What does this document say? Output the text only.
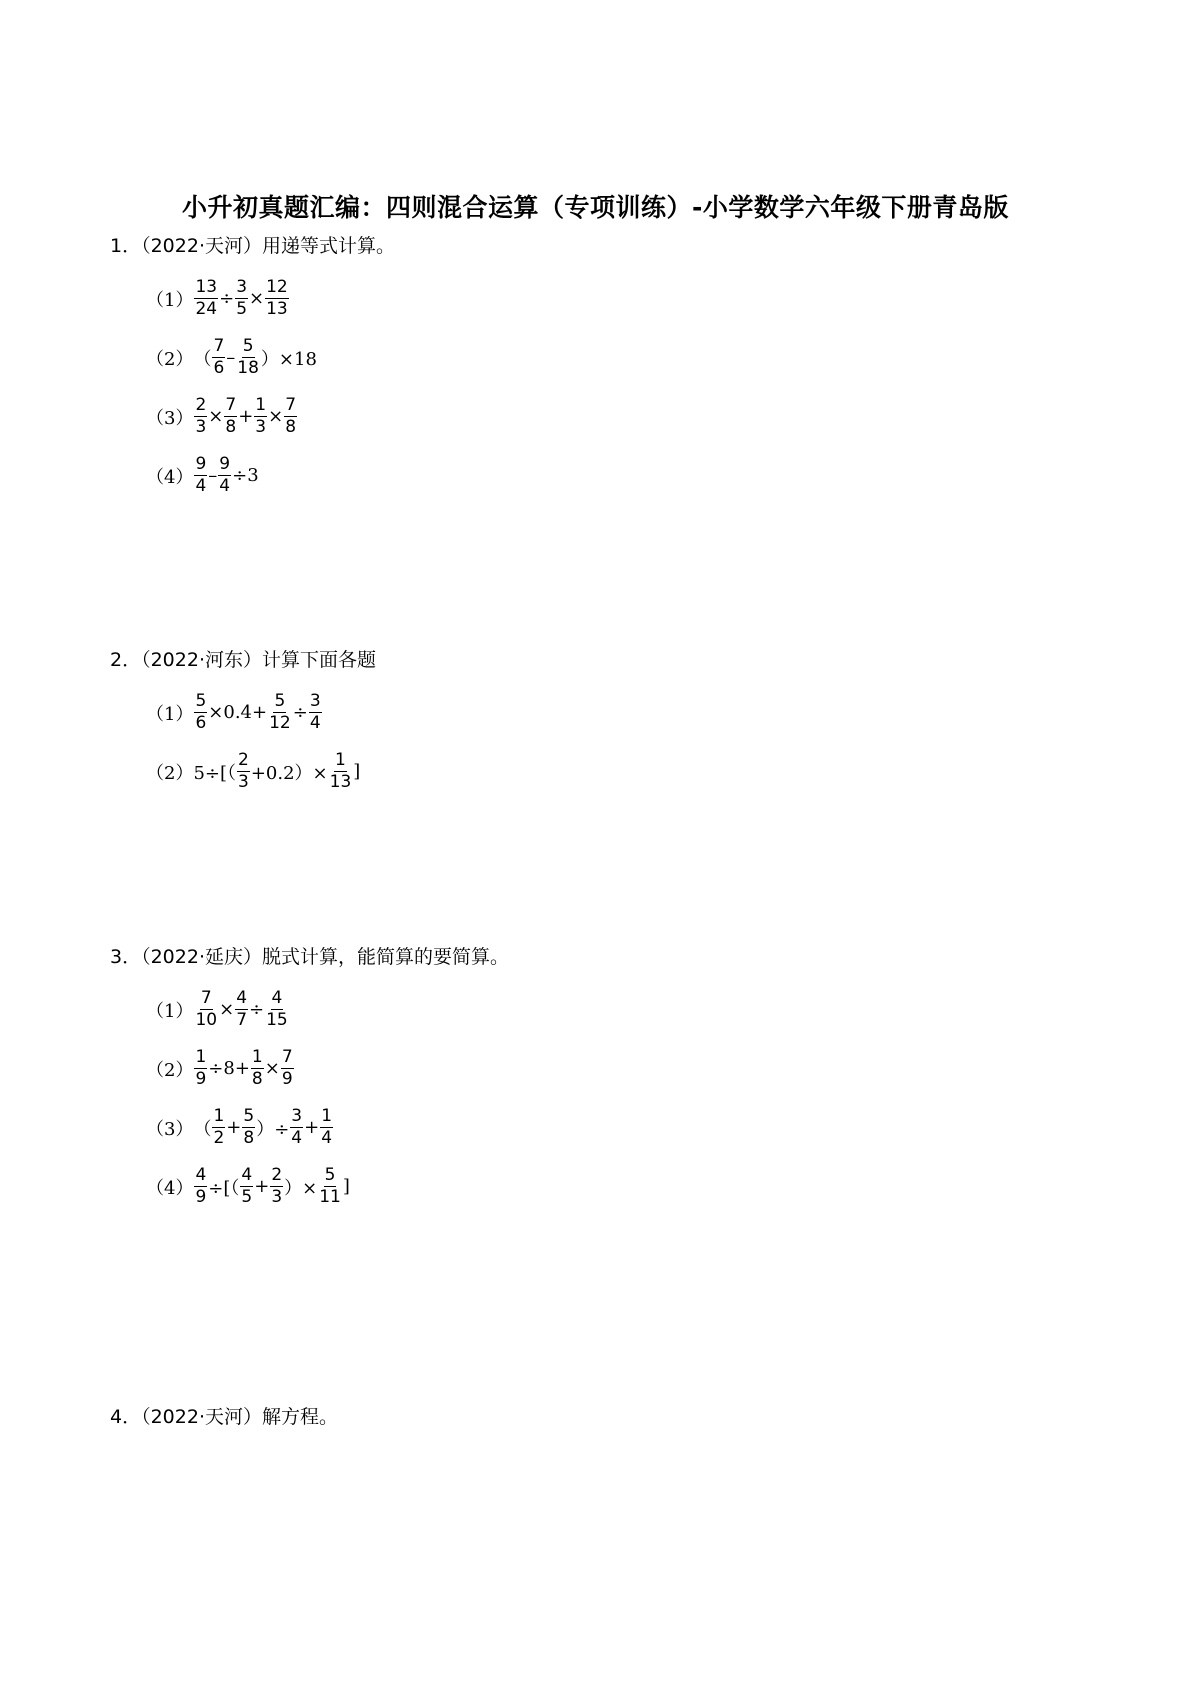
小升初真题汇编：四则混合运算（专项训练）-小学数学六年级下册青岛版
1．（2022·天河）用递等式计算。
$(1) \frac{13}{24} \div \frac{3}{5} \times \frac{12}{13}$
（2） （ $\frac{7}{6} - \frac{5}{18} )\times 18$
$(3) \frac{2}{3} \times \frac{7}{8} + \frac{1}{3} \times \frac{7}{8}$
$(4) \frac{9}{4} - \frac{9}{4} \div 3$
2．（2022·河东）计算下面各题
$(1) \frac{5}{6} \times 0.4+ \frac{5}{12} \div \frac{3}{4}$
（2） $5\div[( \frac{2}{3} +0.2)\times \frac{1}{13}$ ]
3．（2022·延庆）脱式计算，能简算的要简算。
$(1) \frac{7}{10} \times \frac{4}{7} \div \frac{4}{15}$
$(2) \frac{1}{9} \div 8+ \frac{1}{8} \times \frac{7}{9}$
（3） （ $\frac{1}{2} + \frac{5}{8}$ ）÷ $\frac{3}{4} + \frac{1}{4}$
$(4) \frac{4}{9}$ ÷[（ $\frac{4}{5} + \frac{2}{3}$ ）× $\frac{5}{11}$ ]
4．（2022·天河）解方程。
